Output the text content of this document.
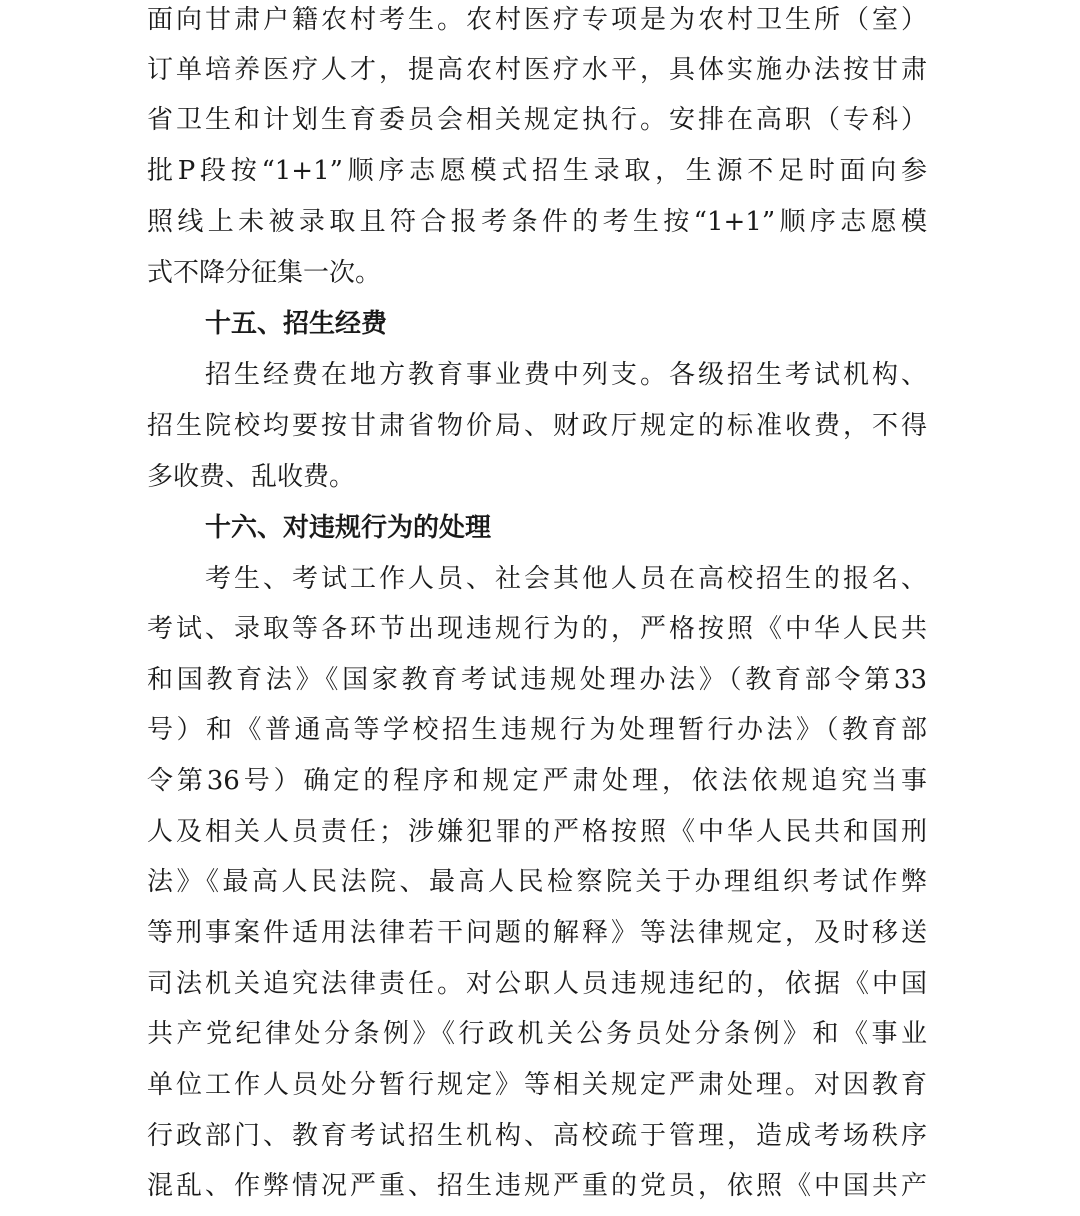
面向甘肃户籍农村考生。农村医疗专项是为农村卫生所（室）
订单培养医疗人才，提高农村医疗水平，具体实施办法按甘肃
省卫生和计划生育委员会相关规定执行。安排在高职（专科）
批P段按“1+1”顺序志愿模式招生录取，生源不足时面向参
照线上未被录取且符合报考条件的考生按“1+1”顺序志愿模
式不降分征集一次。
十五、招生经费
招生经费在地方教育事业费中列支。各级招生考试机构、
招生院校均要按甘肃省物价局、财政厅规定的标准收费，不得
多收费、乱收费。
十六、对违规行为的处理
考生、考试工作人员、社会其他人员在高校招生的报名、
考试、录取等各环节出现违规行为的，严格按照《中华人民共
和国教育法》《国家教育考试违规处理办法》（教育部令第33
号）和《普通高等学校招生违规行为处理暂行办法》（教育部
令第36号）确定的程序和规定严肃处理，依法依规追究当事
人及相关人员责任；涉嫌犯罪的严格按照《中华人民共和国刑
法》《最高人民法院、最高人民检察院关于办理组织考试作弊
等刑事案件适用法律若干问题的解释》等法律规定，及时移送
司法机关追究法律责任。对公职人员违规违纪的，依据《中国
共产党纪律处分条例》《行政机关公务员处分条例》和《事业
单位工作人员处分暂行规定》等相关规定严肃处理。对因教育
行政部门、教育考试招生机构、高校疏于管理，造成考场秩序
混乱、作弊情况严重、招生违规严重的党员，依照《中国共产
